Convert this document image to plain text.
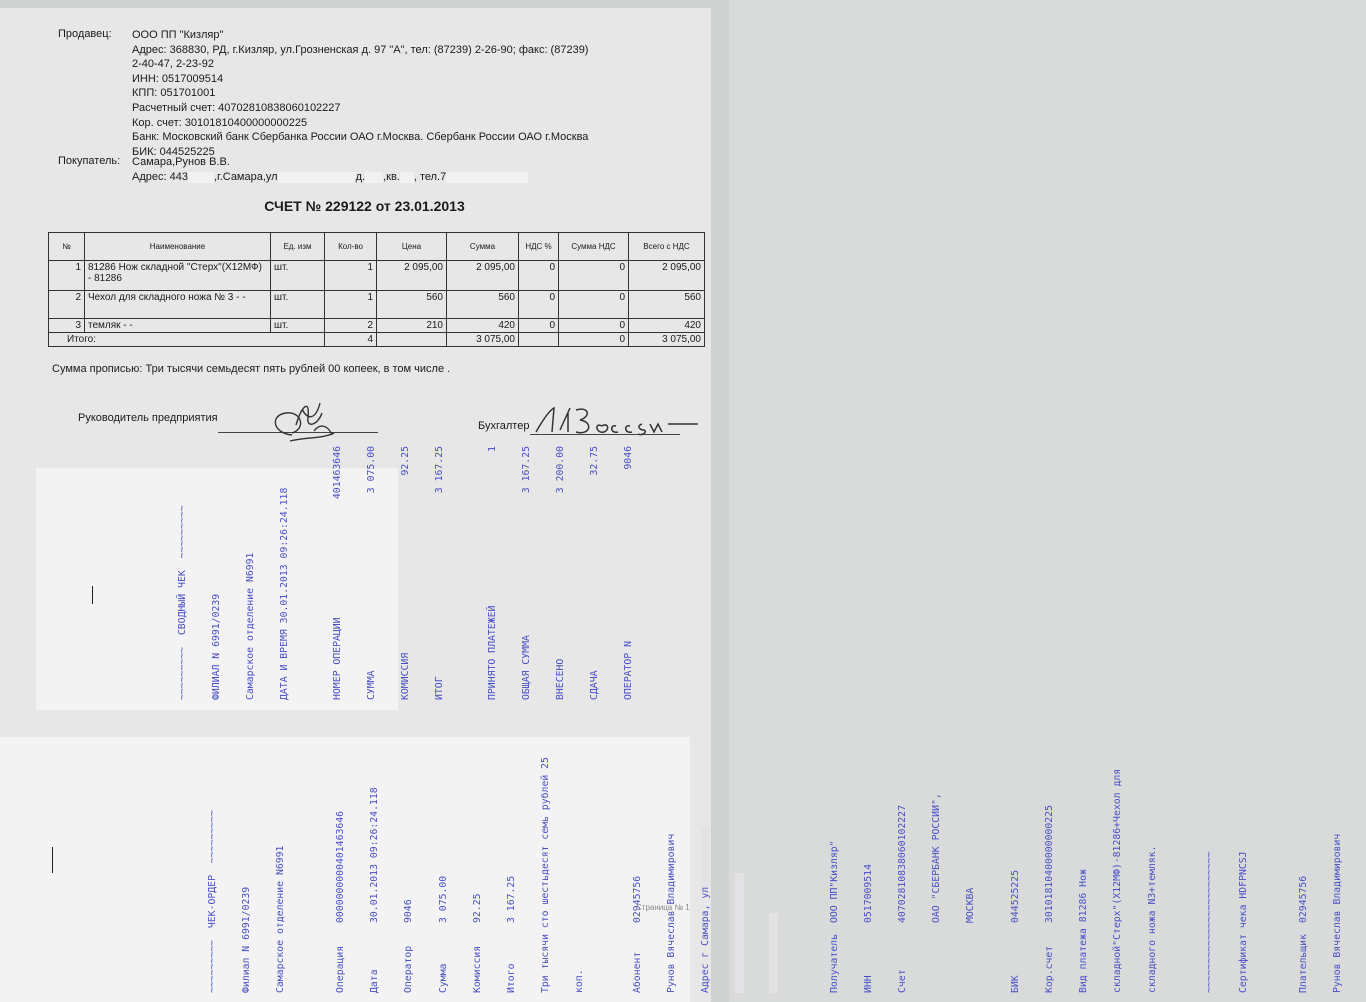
Продавец: ООО ПП "Кизляр"
Адрес: 368830, РД, г.Кизляр, ул.Грозненская д. 97 "А", тел: (87239) 2-26-90; факс: (87239)
2-40-47, 2-23-92
ИНН: 0517009514
КПП: 051701001
Расчетный счет: 40702810838060102227
Кор. счет: 30101810400000000225
Банк: Московский банк Сбербанка России ОАО г.Москва. Сбербанк России ОАО г.Москва
БИК: 044525225
Покупатель: Самара,Рунов В.В.
Адрес: 443 ,г.Самара,ул	д. ,кв. , тел.7
СЧЕТ № 229122 от 23.01.2013
№	Наименование	Ед. изм	Кол-во	Цена	Сумма	НДС %	Сумма НДС	Всего с НДС
1	81286 Нож складной "Стерх"(Х12МФ) - 81286	шт.	1	2 095,00	2 095,00	0	0	2 095,00
2	Чехол для складного ножа № 3 - -	шт.	1	560	560	0	0	560
3	темляк - -	шт.	2	210	420	0	0	420
Итого:			4		3 075,00		0	3 075,00
Сумма прописью: Три тысячи семьдесят пять рублей 00 копеек, в том числе .
Руководитель предприятия
Бухгалтер

~~~~~~~~~  СВОДНЫЙ ЧЕК  ~~~~~~~~~

ФИЛИАЛ N 6991/0239

Самарское отделение N6991

ДАТА И ВРЕМЯ 30.01.2013 09:26:24.118

	НОМЕР ОПЕРАЦИИ
401463646

СУММА
3 075.00

КОМИССИЯ
92.25

ИТОГ
3 167.25

ПРИНЯТО ПЛАТЕЖЕЙ
1

ОБЩАЯ СУММА
3 167.25

ВНЕСЕНО
3 200.00

СДАЧА
32.75

ОПЕРАТОР N
9046

~~~~~~~~~  ЧЕК-ОРДЕР  ~~~~~~~~~

Филиал N 6991/0239

Самарское отделение N6991

	Операция
0000000000401463646

Дата
30.01.2013 09:26:24.118

Оператор
9046

Сумма
3 075.00

Комиссия
92.25

Итого
3 167.25

Три тысячи сто шестьдесят семь рублей 25

коп.

	Абонент
02945756

Рунов Вячеслав Владимирович

Адрес г Самара, ул

	Получатель
ООО ПП"Кизляр"

ИНН
0517009514

Счет
40702810838060102227

ОАО "СБЕРБАНК РОССИИ",

МОСКВА

БИК
044525225

Кор.счет
30101810400000000225

Вид платежа 81286 Нож

складной"Стерх"(Х12МФ)-81286+Чехол для

складного ножа N3+темляк.

	~~~~~~~~~~~~~~~~~~~~~~~~

Сертификат чека НDFPNCSJ

	Плательщик
02945756

Рунов Вячеслав Владимирович

Страница № 1
